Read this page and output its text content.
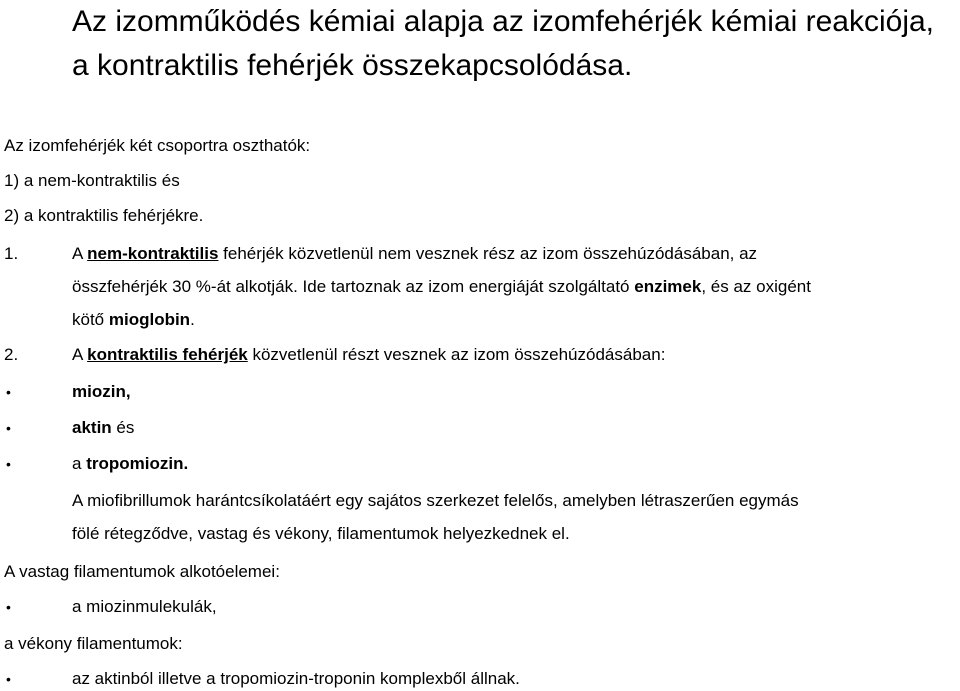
Az izomműködés kémiai alapja az izomfehérjék kémiai reakciója, a kontraktilis fehérjék összekapcsolódása.
Az izomfehérjék két csoportra oszthatók:
1) a nem-kontraktilis és
2) a kontraktilis fehérjékre.
1.	A nem-kontraktilis fehérjék közvetlenül nem vesznek rész az izom összehúzódásában, az
összfehérjék 30 %-át alkotják. Ide tartoznak az izom energiáját szolgáltató enzimek, és az oxigént
kötő mioglobin.
2.	A kontraktilis fehérjék közvetlenül részt vesznek az izom összehúzódásában:
•	miozin,
•	aktin és
•	a tropomiozin.
A miofibrillumok harántcsíkolatáért egy sajátos szerkezet felelős, amelyben létraszerűen egymás
fölé rétegződve, vastag és vékony, filamentumok helyezkednek el.
A vastag filamentumok alkotóelemei:
•	a miozinmulekulák,
a vékony filamentumok:
•	az aktinból illetve a tropomiozin-troponin komplexből állnak.
